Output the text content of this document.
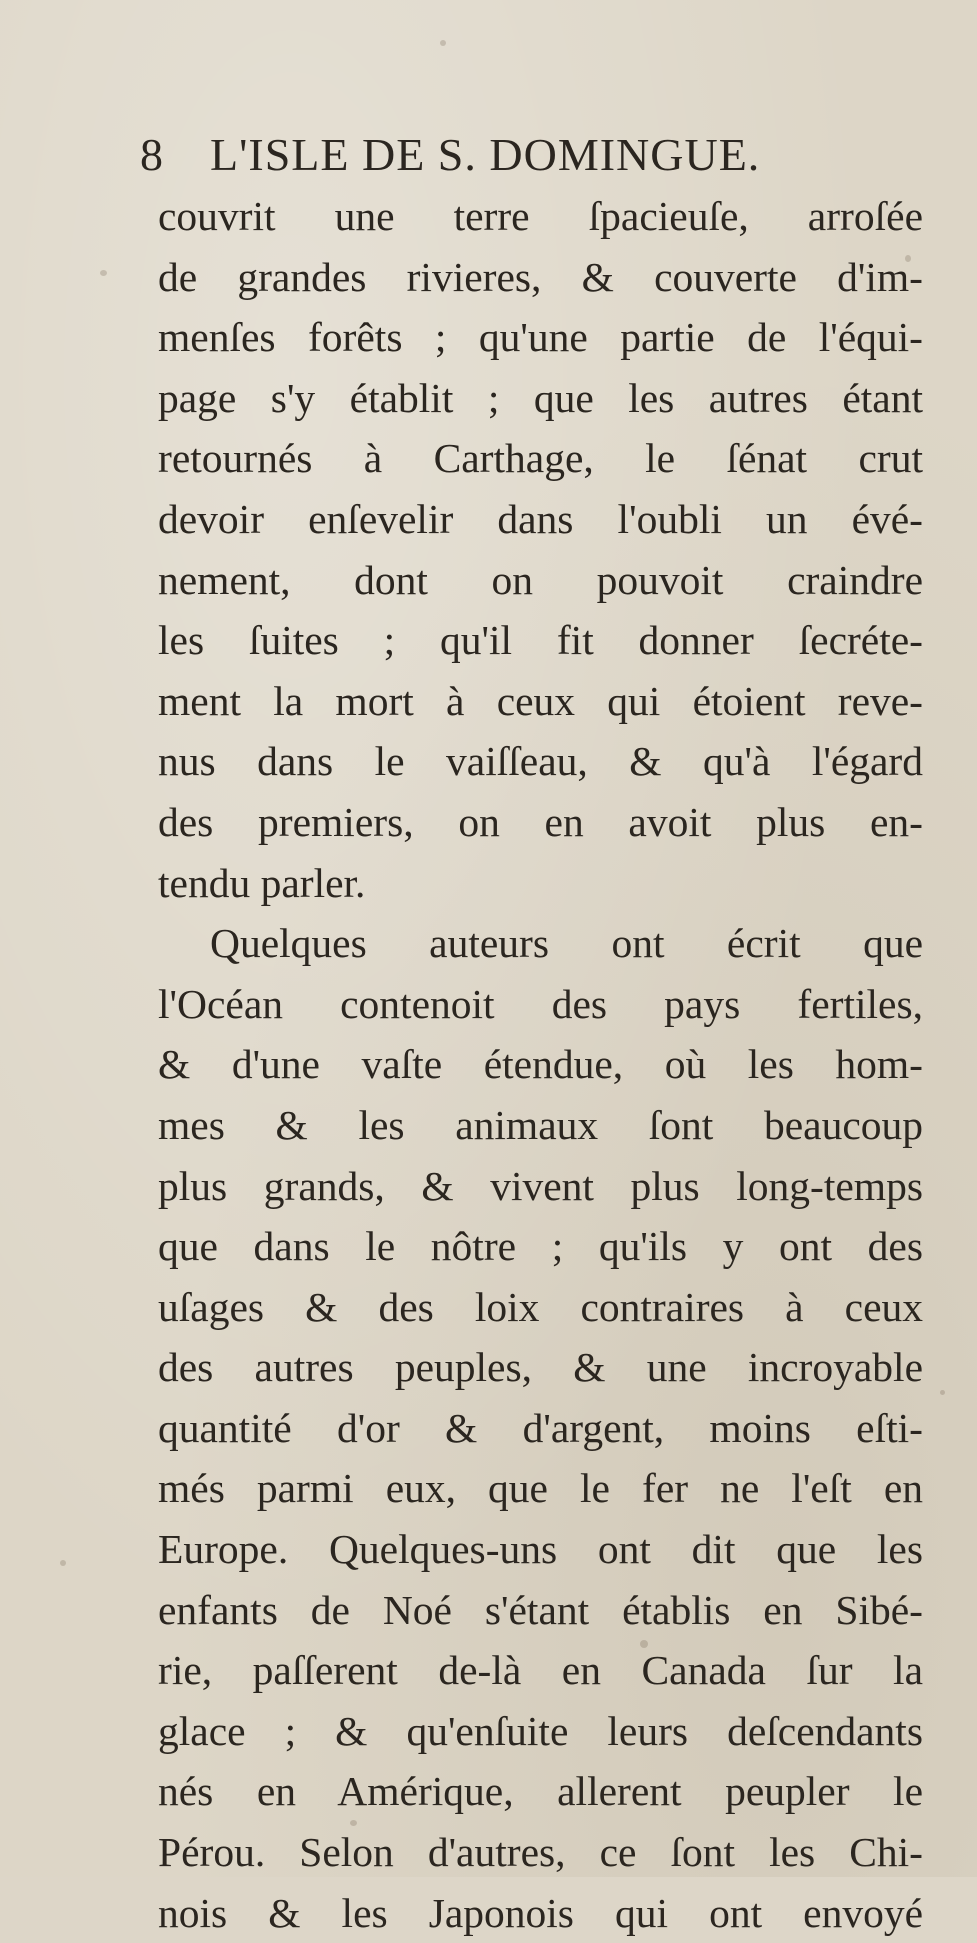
8 L'ISLE DE S. DOMINGUE.
couvrit une terre ſpacieuſe, arroſée
de grandes rivieres, & couverte d'im-
menſes forêts ; qu'une partie de l'équi-
page s'y établit ; que les autres étant
retournés à Carthage, le ſénat crut
devoir enſevelir dans l'oubli un évé-
nement, dont on pouvoit craindre
les ſuites ; qu'il fit donner ſecréte-
ment la mort à ceux qui étoient reve-
nus dans le vaiſſeau, & qu'à l'égard
des premiers, on en avoit plus en-
tendu parler.
Quelques auteurs ont écrit que
l'Océan contenoit des pays fertiles,
& d'une vaſte étendue, où les hom-
mes & les animaux ſont beaucoup
plus grands, & vivent plus long-temps
que dans le nôtre ; qu'ils y ont des
uſages & des loix contraires à ceux
des autres peuples, & une incroyable
quantité d'or & d'argent, moins eſti-
més parmi eux, que le fer ne l'eſt en
Europe. Quelques-uns ont dit que les
enfants de Noé s'étant établis en Sibé-
rie, paſſerent de-là en Canada ſur la
glace ; & qu'enſuite leurs deſcendants
nés en Amérique, allerent peupler le
Pérou. Selon d'autres, ce ſont les Chi-
nois & les Japonois qui ont envoyé
